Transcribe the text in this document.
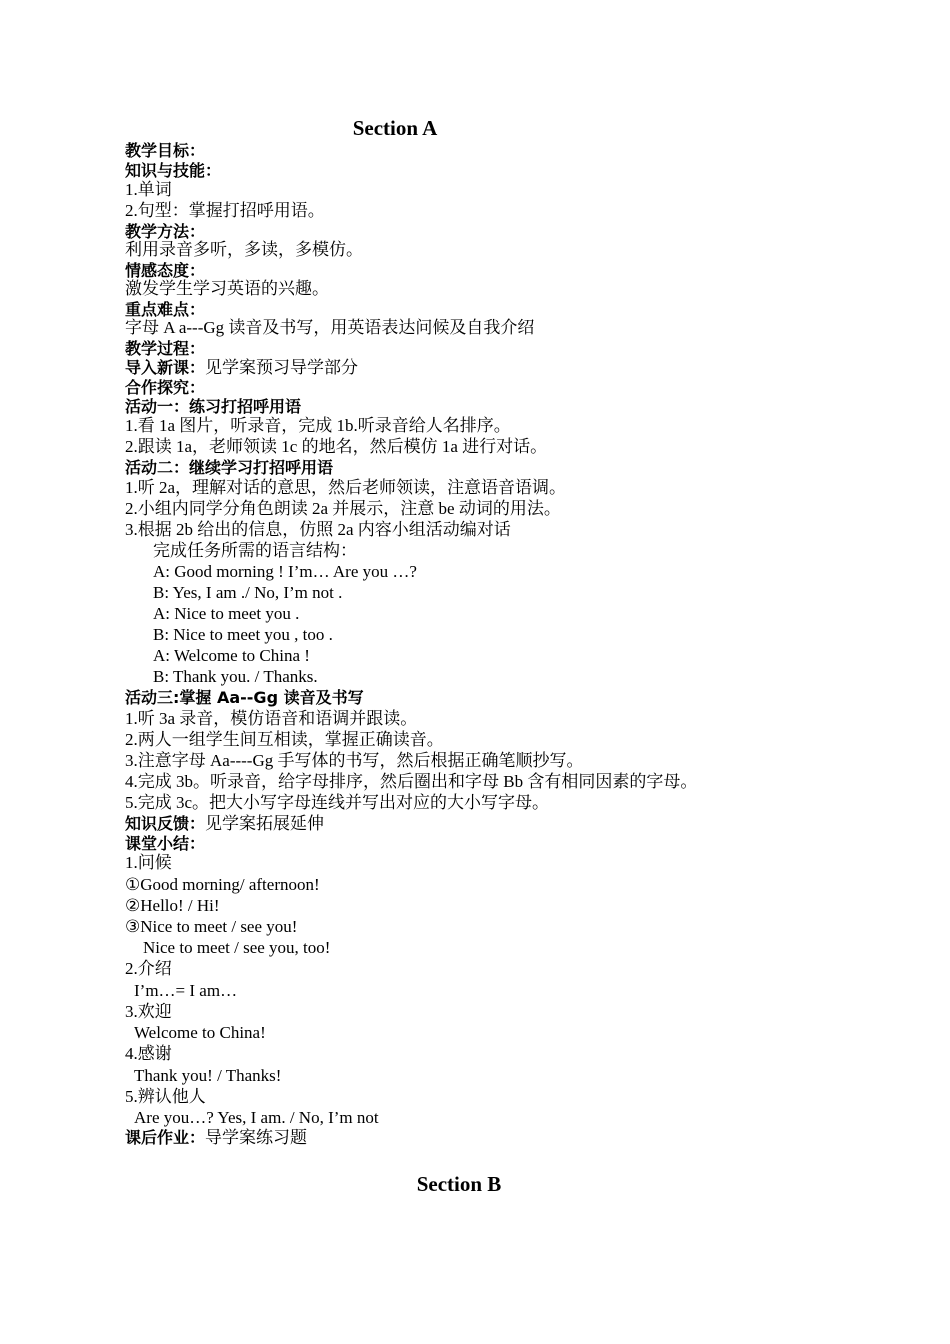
Section A
教学目标：
知识与技能：
1.单词
2.句型：掌握打招呼用语。
教学方法：
利用录音多听，多读，多模仿。
情感态度：
激发学生学习英语的兴趣。
重点难点：
字母 A a---Gg 读音及书写，用英语表达问候及自我介绍
教学过程：
导入新课：见学案预习导学部分
合作探究：
活动一：练习打招呼用语
1.看 1a 图片，听录音，完成 1b.听录音给人名排序。
2.跟读 1a，老师领读 1c 的地名，然后模仿 1a 进行对话。
活动二：继续学习打招呼用语
1.听 2a，理解对话的意思，然后老师领读，注意语音语调。
2.小组内同学分角色朗读 2a 并展示，注意 be 动词的用法。
3.根据 2b 给出的信息，仿照 2a 内容小组活动编对话
完成任务所需的语言结构：
A: Good morning ! I’m… Are you …?
B: Yes, I am ./ No, I’m not .
A: Nice to meet you .
B: Nice to meet you , too .
A: Welcome to China !
B: Thank you. / Thanks.
活动三:掌握 Aa--Gg 读音及书写
1.听 3a 录音，模仿语音和语调并跟读。
2.两人一组学生间互相读，掌握正确读音。
3.注意字母 Aa----Gg 手写体的书写，然后根据正确笔顺抄写。
4.完成 3b。听录音，给字母排序，然后圈出和字母 Bb 含有相同因素的字母。
5.完成 3c。把大小写字母连线并写出对应的大小写字母。
知识反馈：见学案拓展延伸
课堂小结：
1.问候
①Good morning/ afternoon!
②Hello! / Hi!
③Nice to meet / see you!
Nice to meet / see you, too!
2.介绍
I’m…= I am…
3.欢迎
Welcome to China!
4.感谢
Thank you! / Thanks!
5.辨认他人
Are you…? Yes, I am. / No, I’m not
课后作业：导学案练习题
Section B
